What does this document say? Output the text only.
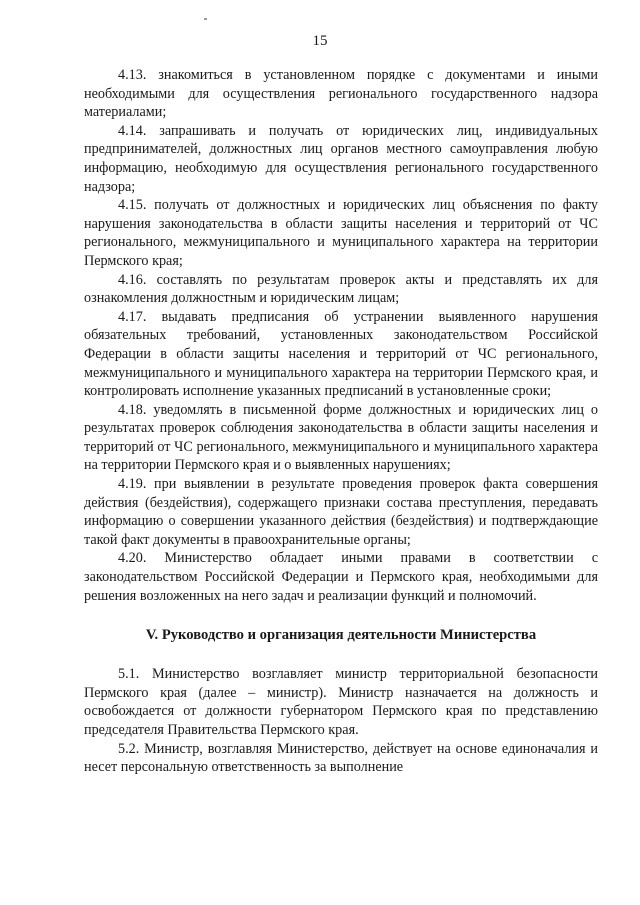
15

4.13. знакомиться в установленном порядке с документами и иными необходимыми для осуществления регионального государственного надзора материалами;

4.14. запрашивать и получать от юридических лиц, индивидуальных предпринимателей, должностных лиц органов местного самоуправления любую информацию, необходимую для осуществления регионального государственного надзора;

4.15. получать от должностных и юридических лиц объяснения по факту нарушения законодательства в области защиты населения и территорий от ЧС регионального, межмуниципального и муниципального характера на территории Пермского края;

4.16. составлять по результатам проверок акты и представлять их для ознакомления должностным и юридическим лицам;

4.17. выдавать предписания об устранении выявленного нарушения обязательных требований, установленных законодательством Российской Федерации в области защиты населения и территорий от ЧС регионального, межмуниципального и муниципального характера на территории Пермского края, и контролировать исполнение указанных предписаний в установленные сроки;

4.18. уведомлять в письменной форме должностных и юридических лиц о результатах проверок соблюдения законодательства в области защиты населения и территорий от ЧС регионального, межмуниципального и муниципального характера на территории Пермского края и о выявленных нарушениях;

4.19. при выявлении в результате проведения проверок факта совершения действия (бездействия), содержащего признаки состава преступления, передавать информацию о совершении указанного действия (бездействия) и подтверждающие такой факт документы в правоохранительные органы;

4.20. Министерство обладает иными правами в соответствии с законодательством Российской Федерации и Пермского края, необходимыми для решения возложенных на него задач и реализации функций и полномочий.

V. Руководство и организация деятельности Министерства

5.1. Министерство возглавляет министр территориальной безопасности Пермского края (далее – министр). Министр назначается на должность и освобождается от должности губернатором Пермского края по представлению председателя Правительства Пермского края.

5.2. Министр, возглавляя Министерство, действует на основе единоначалия и несет персональную ответственность за выполнение
